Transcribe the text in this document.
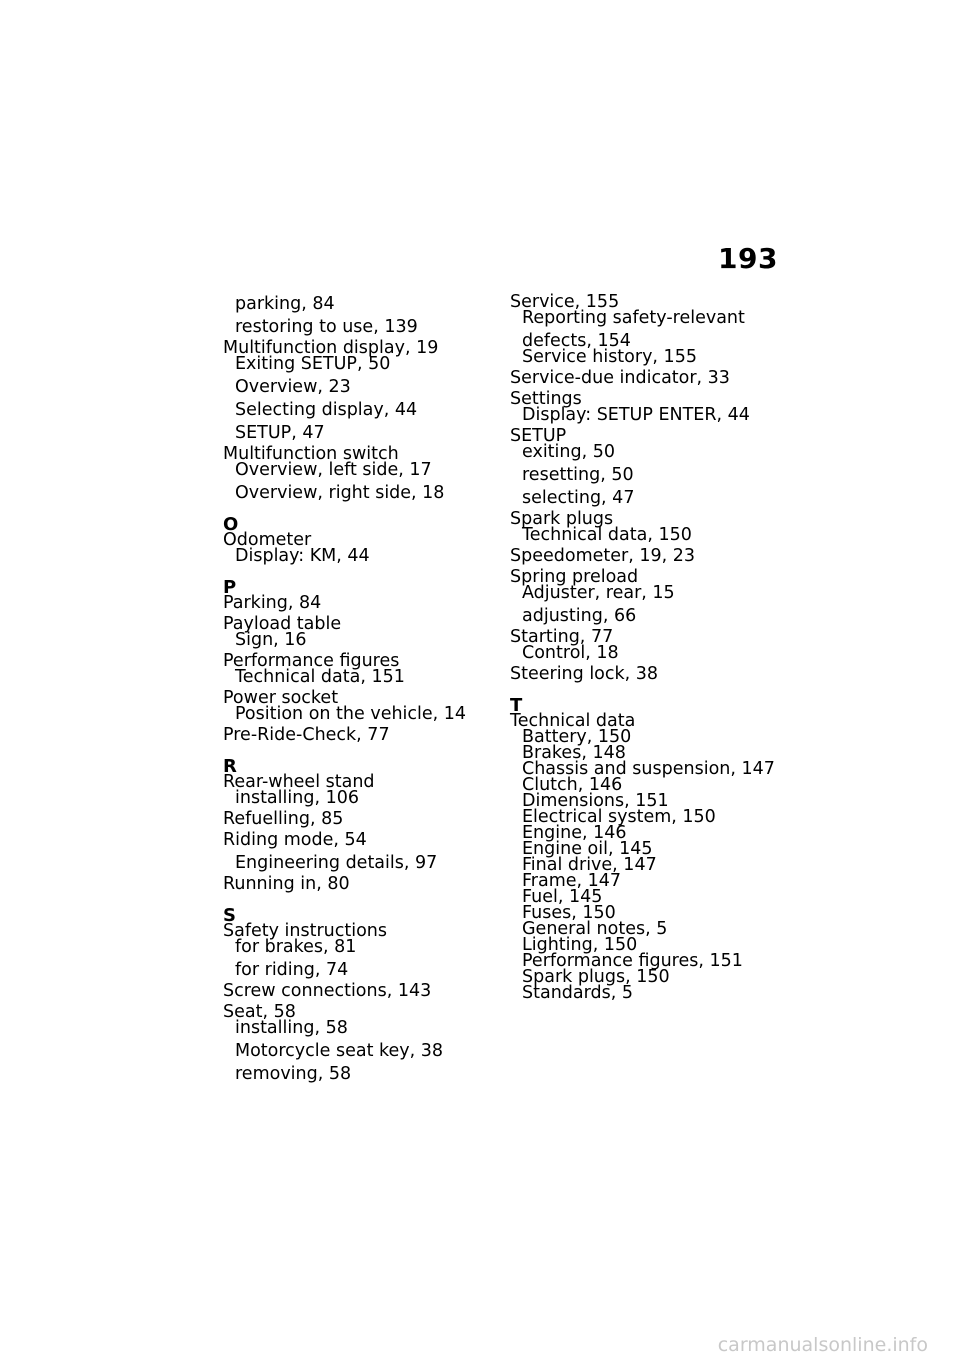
193
parking, 84
restoring to use, 139
Multifunction display, 19
Exiting SETUP, 50
Overview, 23
Selecting display, 44
SETUP, 47
Multifunction switch
Overview, left side, 17
Overview, right side, 18
O
Odometer
Display: KM, 44
P
Parking, 84
Payload table
Sign, 16
Performance figures
Technical data, 151
Power socket
Position on the vehicle, 14
Pre-Ride-Check, 77
R
Rear-wheel stand
installing, 106
Refuelling, 85
Riding mode, 54
Engineering details, 97
Running in, 80
S
Safety instructions
for brakes, 81
for riding, 74
Screw connections, 143
Seat, 58
installing, 58
Motorcycle seat key, 38
removing, 58
Service, 155
Reporting safety-relevant
defects, 154
Service history, 155
Service-due indicator, 33
Settings
Display: SETUP ENTER, 44
SETUP
exiting, 50
resetting, 50
selecting, 47
Spark plugs
Technical data, 150
Speedometer, 19, 23
Spring preload
Adjuster, rear, 15
adjusting, 66
Starting, 77
Control, 18
Steering lock, 38
T
Technical data
Battery, 150
Brakes, 148
Chassis and suspension, 147
Clutch, 146
Dimensions, 151
Electrical system, 150
Engine, 146
Engine oil, 145
Final drive, 147
Frame, 147
Fuel, 145
Fuses, 150
General notes, 5
Lighting, 150
Performance figures, 151
Spark plugs, 150
Standards, 5
carmanualsonline.info
